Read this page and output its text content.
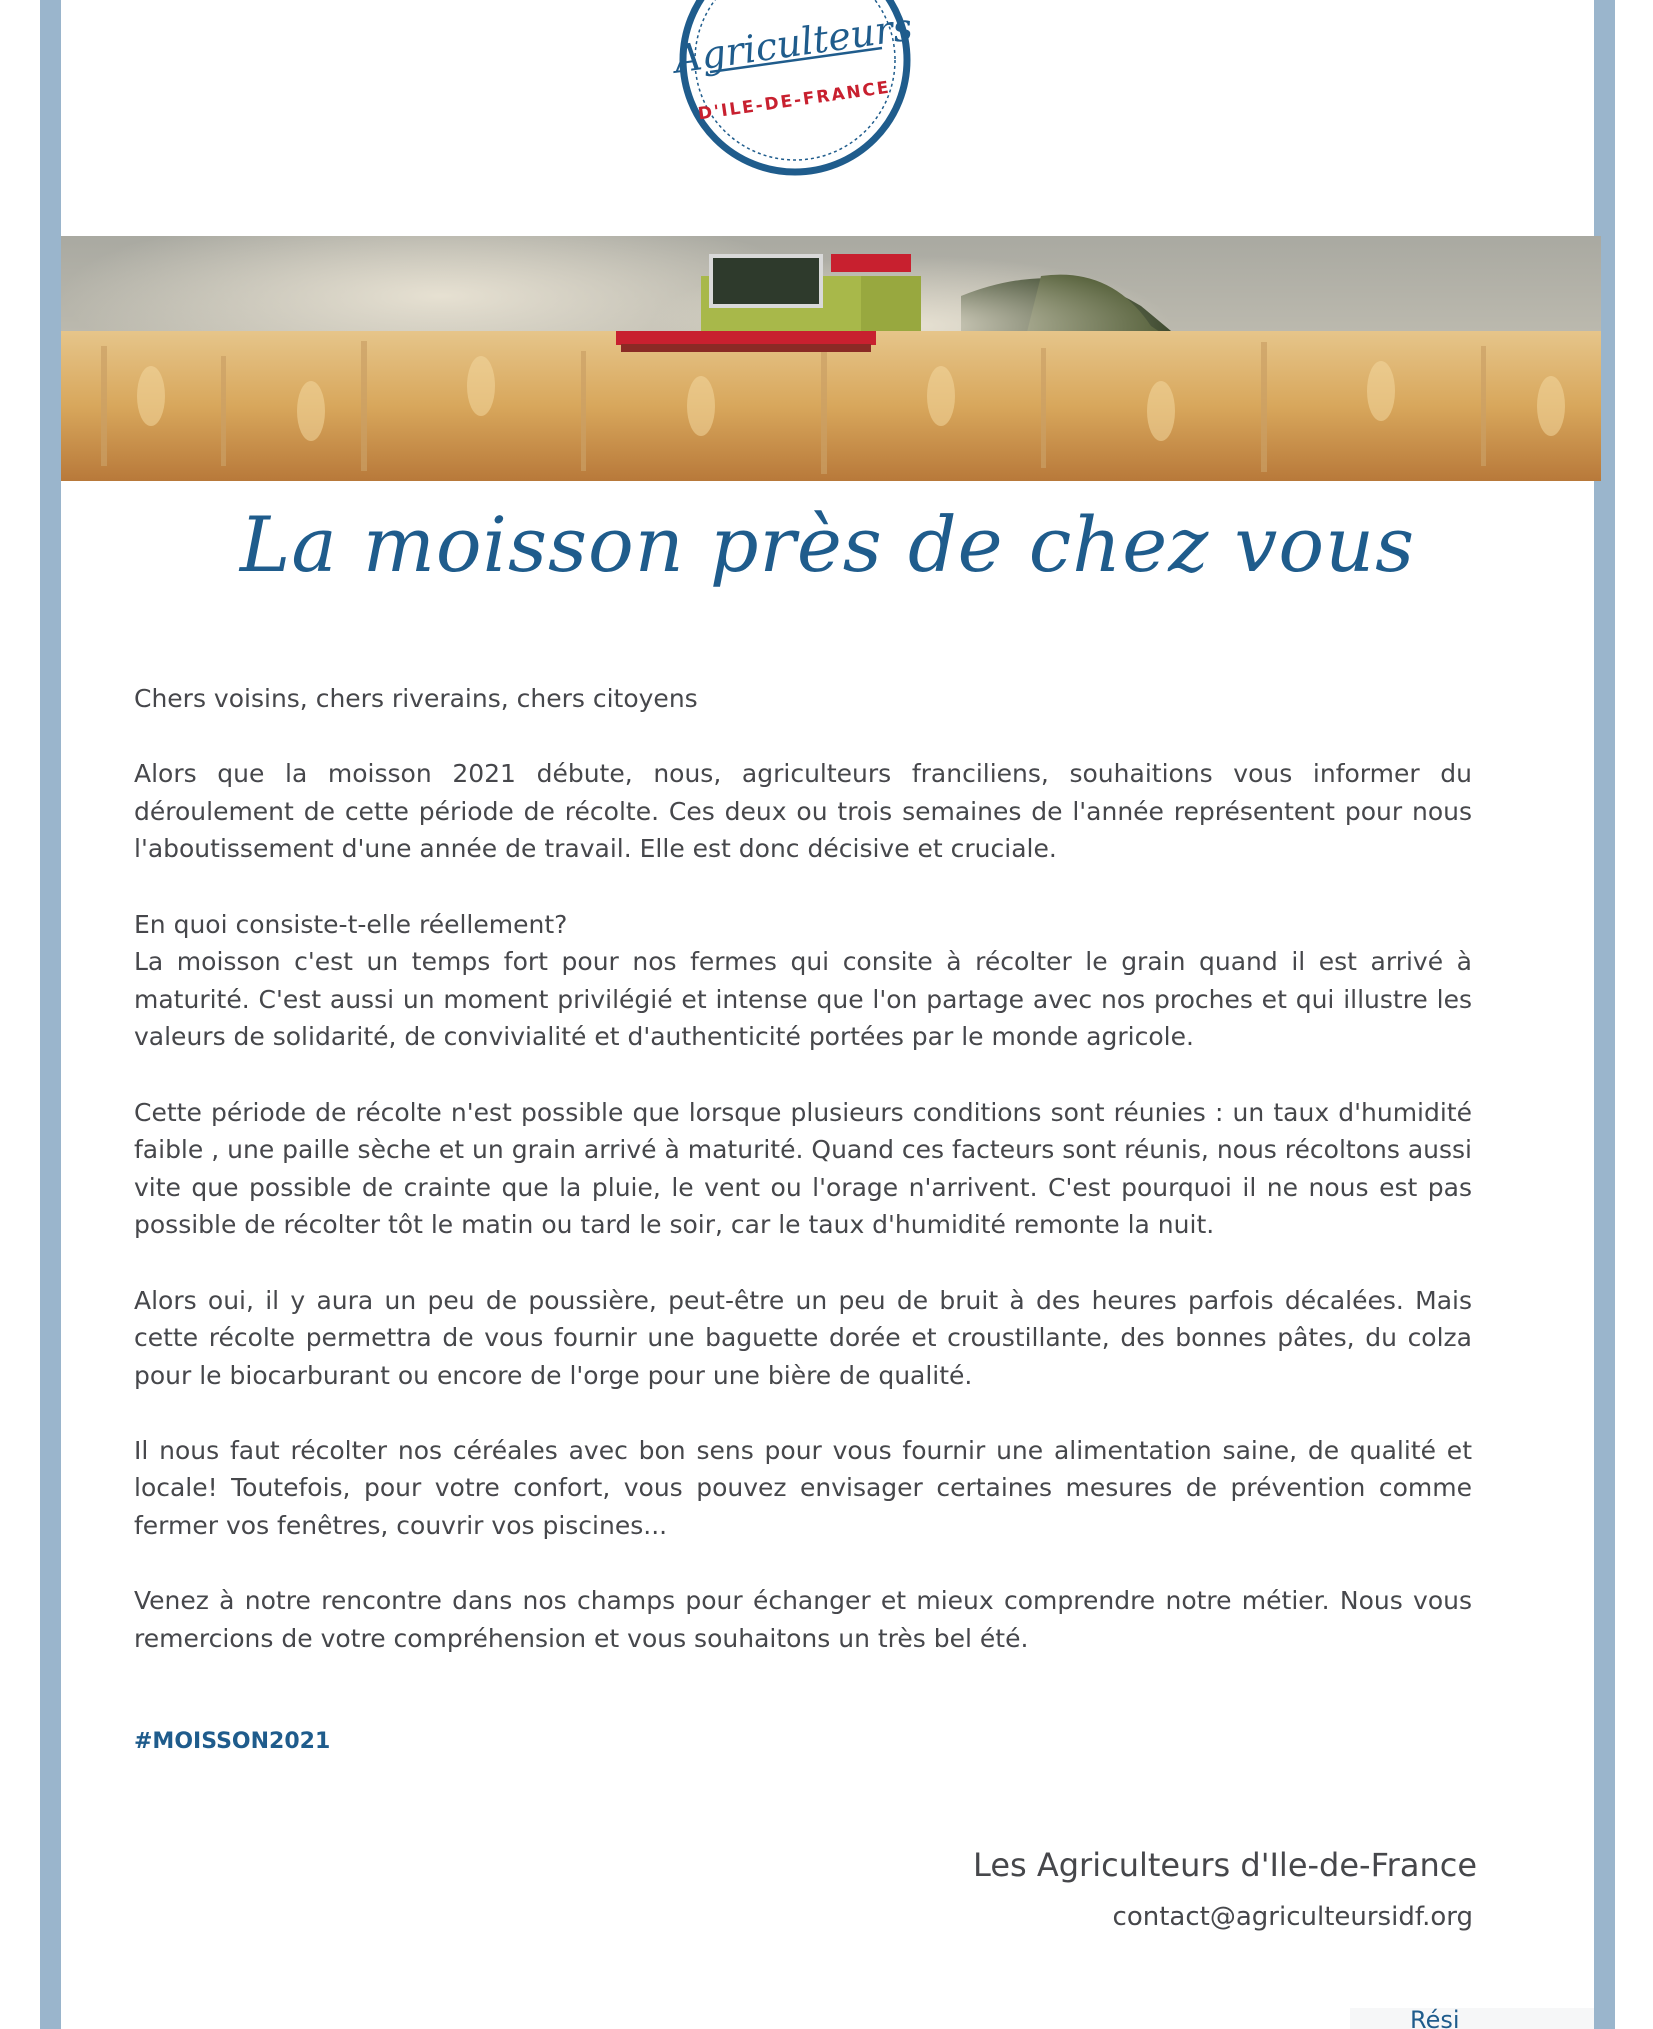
Agriculteurs
D'ILE-DE-FRANCE
La moisson près de chez vous

Chers voisins, chers riverains, chers citoyens

Alors que la moisson 2021 débute, nous, agriculteurs franciliens, souhaitions vous informer du déroulement de cette période de récolte. Ces deux ou trois semaines de l'année représentent pour nous l'aboutissement d'une année de travail. Elle est donc décisive et cruciale.

En quoi consiste-t-elle réellement?

La moisson c'est un temps fort pour nos fermes qui consite à récolter le grain quand il est arrivé à maturité. C'est aussi un moment privilégié et intense que l'on partage avec nos proches et qui illustre les valeurs de solidarité, de convivialité et d'authenticité portées par le monde agricole.

Cette période de récolte n'est possible que lorsque plusieurs conditions sont réunies : un taux d'humidité faible , une paille sèche et un grain arrivé à maturité. Quand ces facteurs sont réunis, nous récoltons aussi vite que possible de crainte que la pluie, le vent ou l'orage n'arrivent. C'est pourquoi il ne nous est pas possible de récolter tôt le matin ou tard le soir, car le taux d'humidité remonte la nuit.

Alors oui, il y aura un peu de poussière, peut-être un peu de bruit à des heures parfois décalées. Mais cette récolte permettra de vous fournir une baguette dorée et croustillante, des bonnes pâtes, du colza pour le biocarburant ou encore de l'orge pour une bière de qualité.

Il nous faut récolter nos céréales avec bon sens pour vous fournir une alimentation saine, de qualité et locale! Toutefois, pour votre confort, vous pouvez envisager certaines mesures de prévention comme fermer vos fenêtres, couvrir vos piscines...

Venez à notre rencontre dans nos champs pour échanger et mieux comprendre notre métier. Nous vous remercions de votre compréhension et vous souhaitons un très bel été.

#MOISSON2021
Les Agriculteurs d'Ile-de-France
contact@agriculteursidf.org
Rési
